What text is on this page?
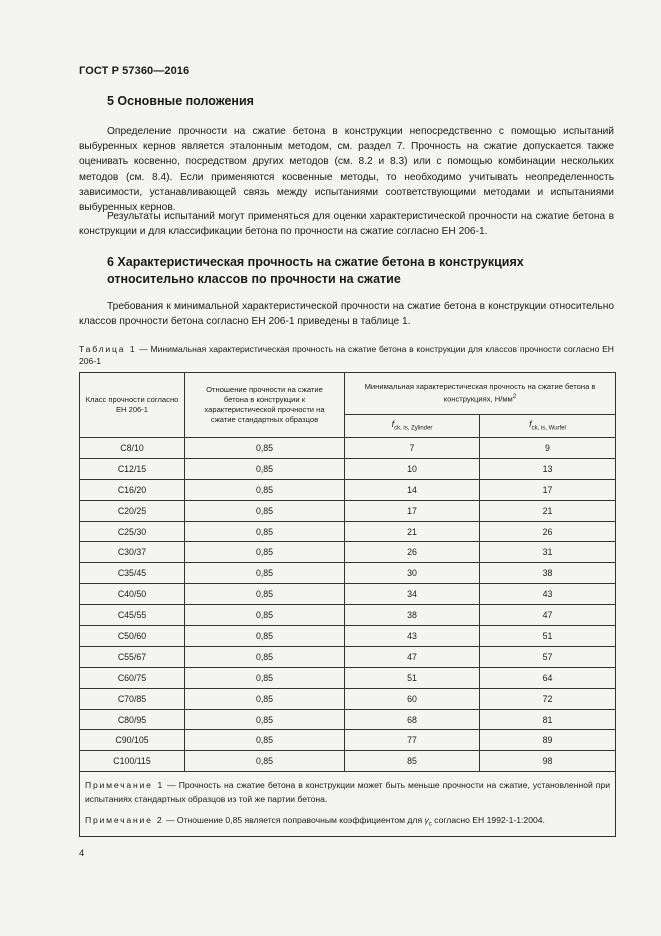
ГОСТ Р 57360—2016
5 Основные положения
Определение прочности на сжатие бетона в конструкции непосредственно с помощью испытаний выбуренных кернов является эталонным методом, см. раздел 7. Прочность на сжатие допускается также оценивать косвенно, посредством других методов (см. 8.2 и 8.3) или с помощью комбинации нескольких методов (см. 8.4). Если применяются косвенные методы, то необходимо учитывать неопределенность зависимости, устанавливающей связь между испытаниями соответствующими методами и испытаниями выбуренных кернов.
Результаты испытаний могут применяться для оценки характеристической прочности на сжатие бетона в конструкции и для классификации бетона по прочности на сжатие согласно ЕН 206-1.
6 Характеристическая прочность на сжатие бетона в конструкциях относительно классов по прочности на сжатие
Требования к минимальной характеристической прочности на сжатие бетона в конструкции относительно классов прочности бетона согласно ЕН 206-1 приведены в таблице 1.
Таблица 1 — Минимальная характеристическая прочность на сжатие бетона в конструкции для классов прочности согласно ЕН 206-1
Класс прочности согласно ЕН 206-1	Отношение прочности на сжатие бетона в конструкции к характеристической прочности на сжатие стандартных образцов	Минимальная характеристическая прочность на сжатие бетона в конструкциях, $Н/мм^2$
		$f_{ck, is, Zylinder}$	$f_{ck, is, Wurfel}$
C8/10	0,85	7	9
C12/15	0,85	10	13
C16/20	0,85	14	17
C20/25	0,85	17	21
C25/30	0,85	21	26
C30/37	0,85	26	31
C35/45	0,85	30	38
C40/50	0,85	34	43
C45/55	0,85	38	47
C50/60	0,85	43	51
C55/67	0,85	47	57
C60/75	0,85	51	64
C70/85	0,85	60	72
C80/95	0,85	68	81
C90/105	0,85	77	89
C100/115	0,85	85	98

Примечание 1 — Прочность на сжатие бетона в конструкции может быть меньше прочности на сжатие, установленной при испытаниях стандартных образцов из той же партии бетона.

Примечание 2 — Отношение 0,85 является поправочным коэффициентом для $\gamma_c$ согласно ЕН 1992-1-1:2004.			

4
